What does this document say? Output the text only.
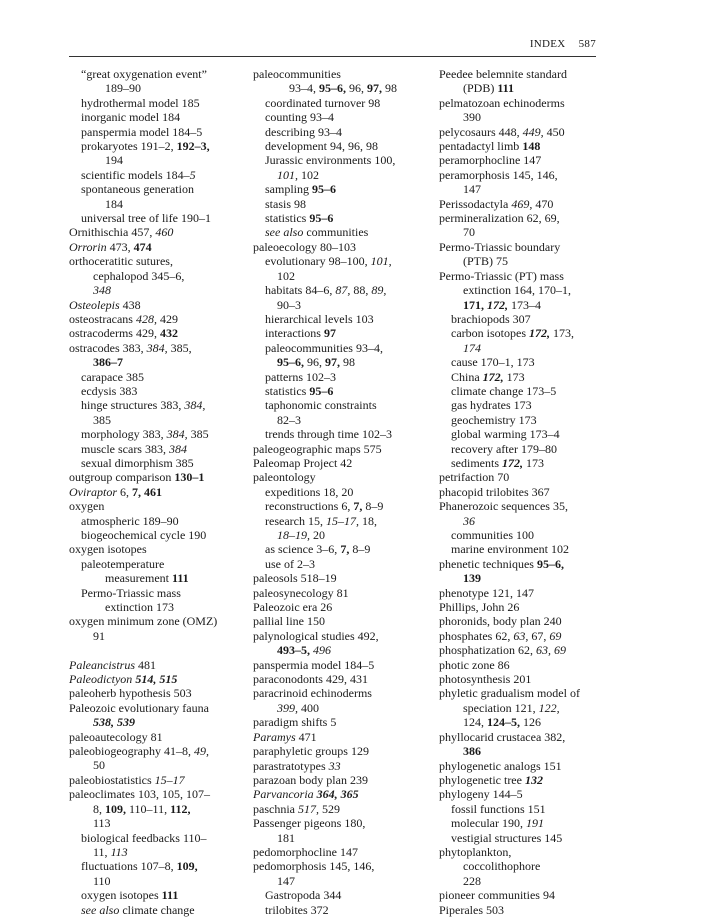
INDEX 587
“great oxygenation event”
189–90
hydrothermal model 185
inorganic model 184
panspermia model 184–5
prokaryotes 191–2, 192–3,
194
scientific models 184–5
spontaneous generation
184
universal tree of life 190–1
Ornithischia 457, 460
Orrorin 473, 474
orthoceratitic sutures,
cephalopod 345–6,
348
Osteolepis 438
osteostracans 428, 429
ostracoderms 429, 432
ostracodes 383, 384, 385,
386–7
carapace 385
ecdysis 383
hinge structures 383, 384,
385
morphology 383, 384, 385
muscle scars 383, 384
sexual dimorphism 385
outgroup comparison 130–1
Oviraptor 6, 7, 461
oxygen
atmospheric 189–90
biogeochemical cycle 190
oxygen isotopes
paleotemperature
measurement 111
Permo-Triassic mass
extinction 173
oxygen minimum zone (OMZ)
91
Paleancistrus 481
Paleodictyon 514, 515
paleoherb hypothesis 503
Paleozoic evolutionary fauna
538, 539
paleoautecology 81
paleobiogeography 41–8, 49,
50
paleobiostatistics 15–17
paleoclimates 103, 105, 107–
8, 109, 110–11, 112,
113
biological feedbacks 110–
11, 113
fluctuations 107–8, 109,
110
oxygen isotopes 111
see also climate change
paleocommunities
93–4, 95–6, 96, 97, 98
coordinated turnover 98
counting 93–4
describing 93–4
development 94, 96, 98
Jurassic environments 100,
101, 102
sampling 95–6
stasis 98
statistics 95–6
see also communities
paleoecology 80–103
evolutionary 98–100, 101,
102
habitats 84–6, 87, 88, 89,
90–3
hierarchical levels 103
interactions 97
paleocommunities 93–4,
95–6, 96, 97, 98
patterns 102–3
statistics 95–6
taphonomic constraints
82–3
trends through time 102–3
paleogeographic maps 575
Paleomap Project 42
paleontology
expeditions 18, 20
reconstructions 6, 7, 8–9
research 15, 15–17, 18,
18–19, 20
as science 3–6, 7, 8–9
use of 2–3
paleosols 518–19
paleosynecology 81
Paleozoic era 26
pallial line 150
palynological studies 492,
493–5, 496
panspermia model 184–5
paraconodonts 429, 431
paracrinoid echinoderms
399, 400
paradigm shifts 5
Paramys 471
paraphyletic groups 129
parastratotypes 33
parazoan body plan 239
Parvancoria 364, 365
paschnia 517, 529
Passenger pigeons 180,
181
pedomorphocline 147
pedomorphosis 145, 146,
147
Gastropoda 344
trilobites 372
Peedee belemnite standard
(PDB) 111
pelmatozoan echinoderms
390
pelycosaurs 448, 449, 450
pentadactyl limb 148
peramorphocline 147
peramorphosis 145, 146,
147
Perissodactyla 469, 470
permineralization 62, 69,
70
Permo-Triassic boundary
(PTB) 75
Permo-Triassic (PT) mass
extinction 164, 170–1,
171, 172, 173–4
brachiopods 307
carbon isotopes 172, 173,
174
cause 170–1, 173
China 172, 173
climate change 173–5
gas hydrates 173
geochemistry 173
global warming 173–4
recovery after 179–80
sediments 172, 173
petrifaction 70
phacopid trilobites 367
Phanerozoic sequences 35,
36
communities 100
marine environment 102
phenetic techniques 95–6,
139
phenotype 121, 147
Phillips, John 26
phoronids, body plan 240
phosphates 62, 63, 67, 69
phosphatization 62, 63, 69
photic zone 86
photosynthesis 201
phyletic gradualism model of
speciation 121, 122,
124, 124–5, 126
phyllocarid crustacea 382,
386
phylogenetic analogs 151
phylogenetic tree 132
phylogeny 144–5
fossil functions 151
molecular 190, 191
vestigial structures 145
phytoplankton,
coccolithophore
228
pioneer communities 94
Piperales 503
